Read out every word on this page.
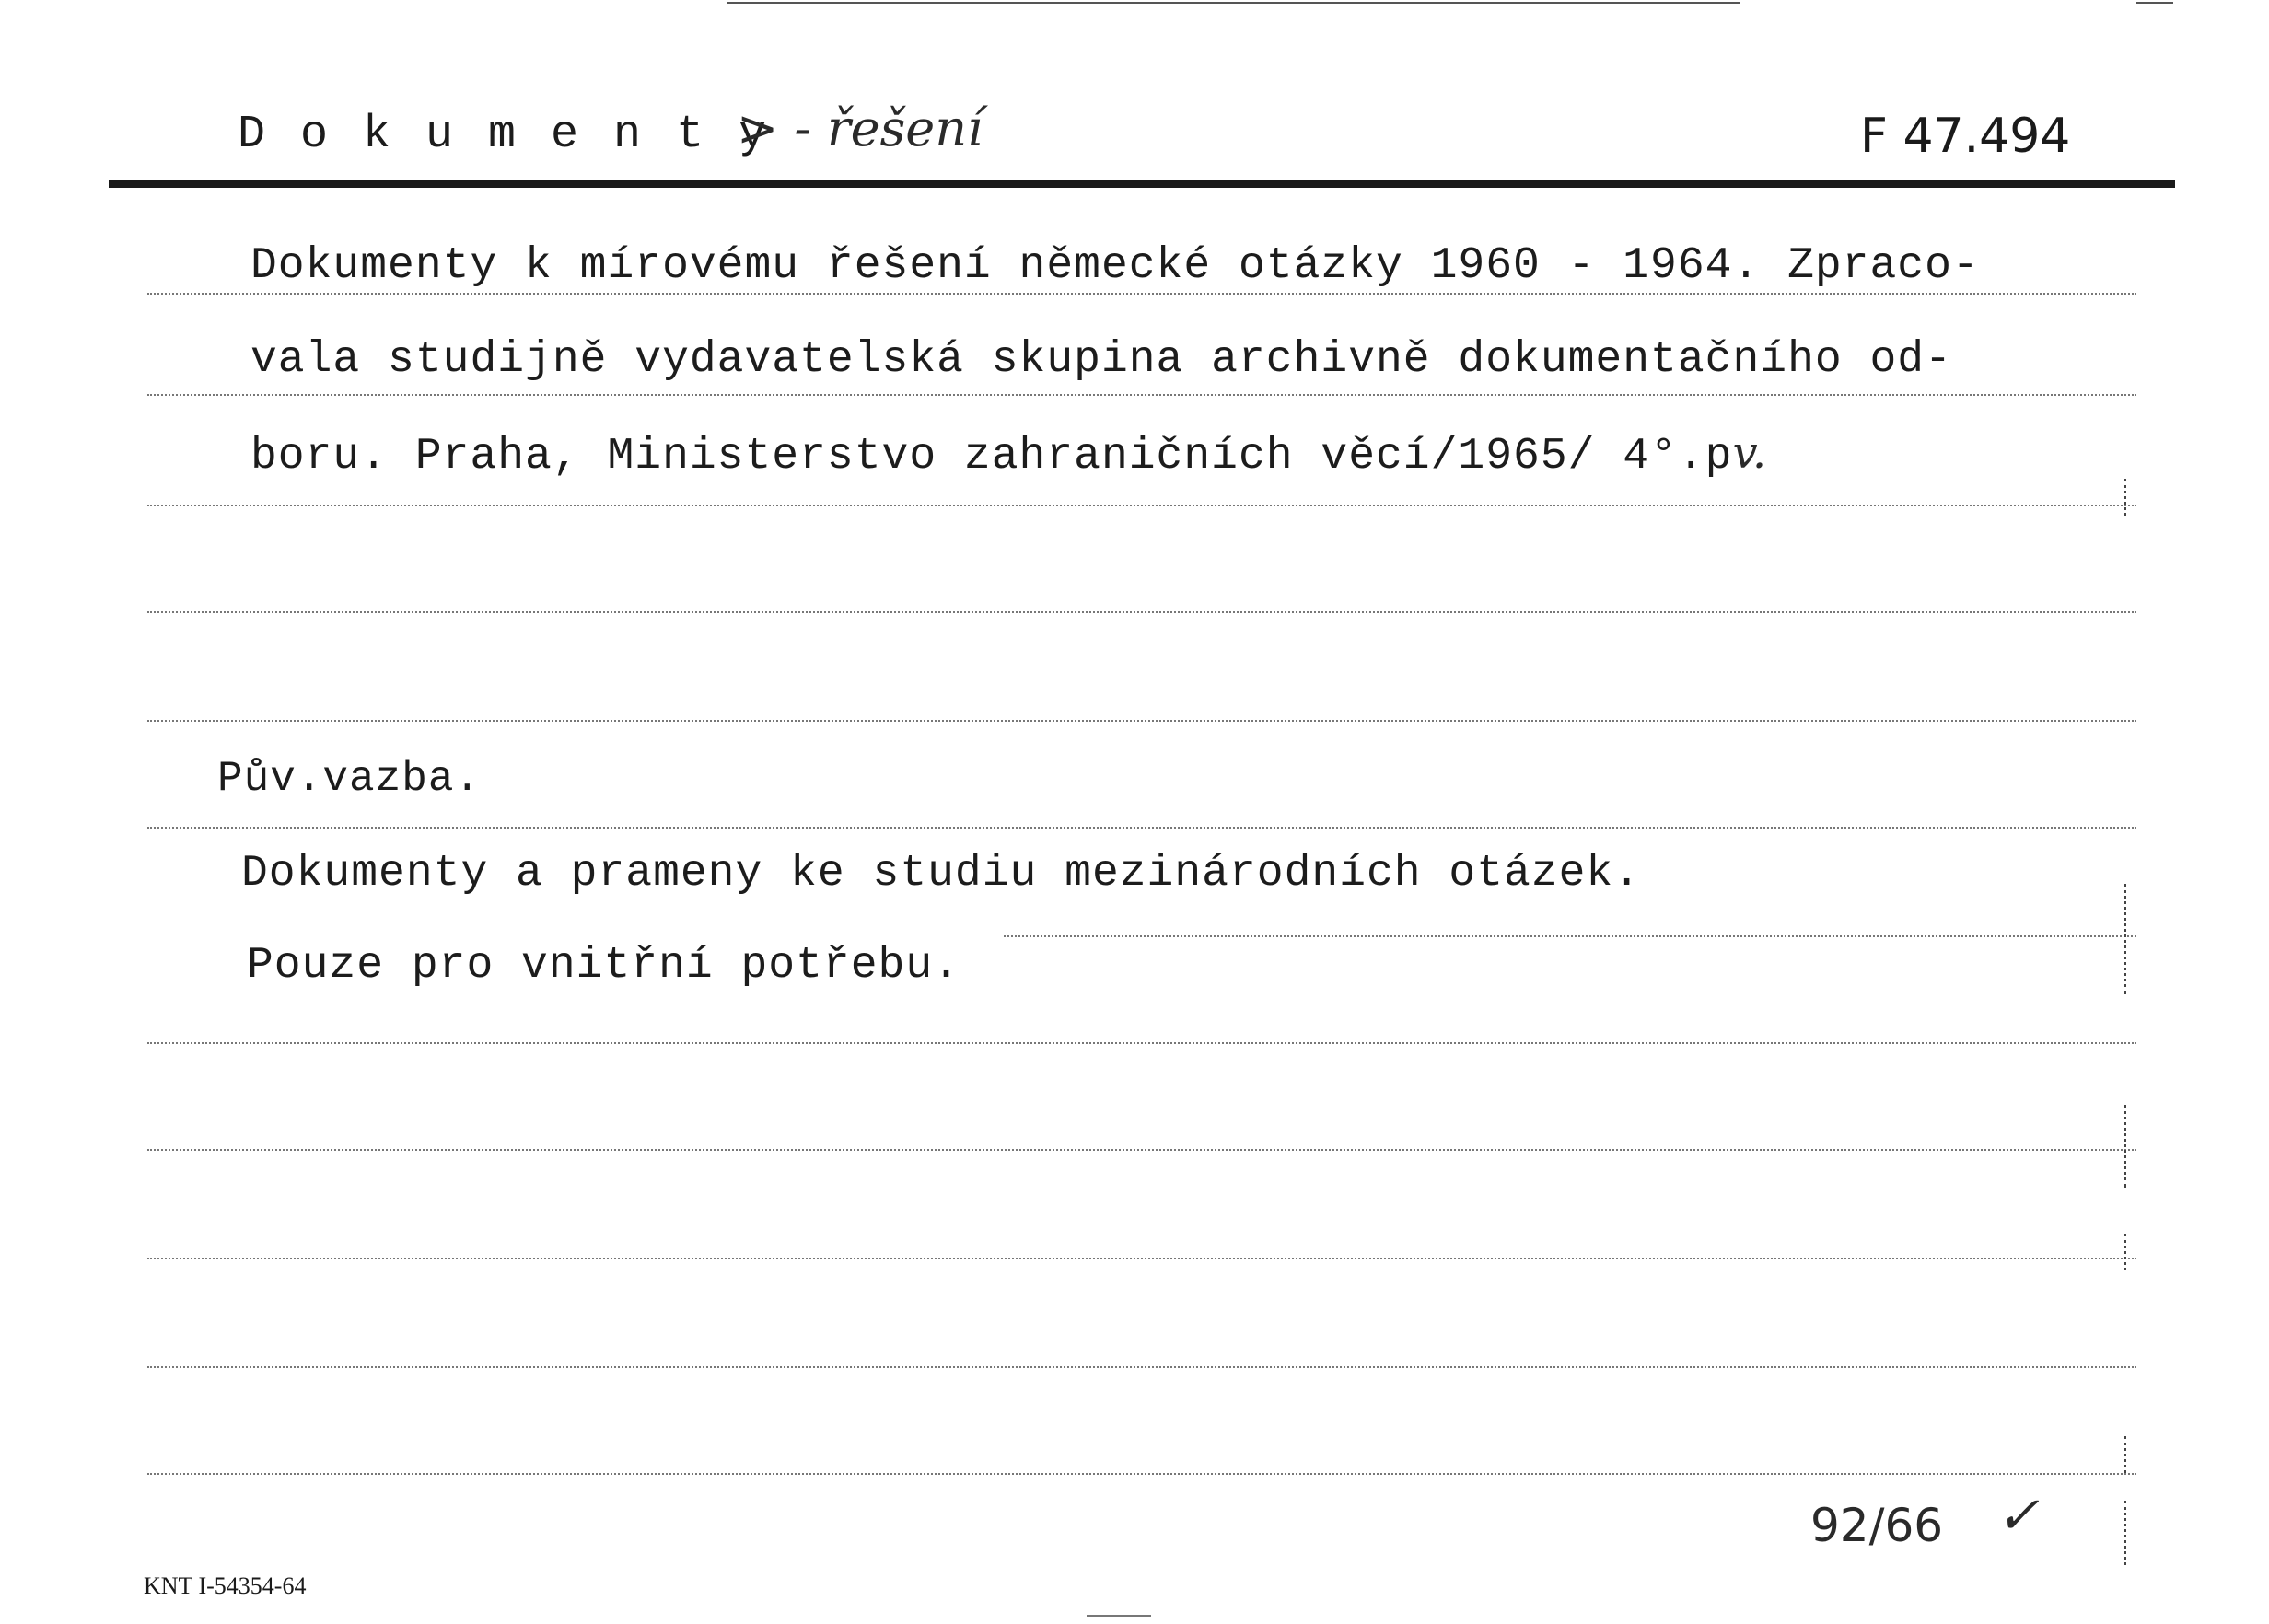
D o k u m e n t y
> - řešení	F 47.494
Dokumenty k mírovému řešení německé otázky 1960 - 1964. Zpraco-
vala studijně vydavatelská skupina archivně dokumentačního od-
boru. Praha, Ministerstvo zahraničních věcí/1965/ 4°.pv.
Pův.vazba.
Dokumenty a prameny ke studiu mezinárodních otázek.
Pouze pro vnitřní potřebu.
92/66 ✓
KNT I-54354-64
